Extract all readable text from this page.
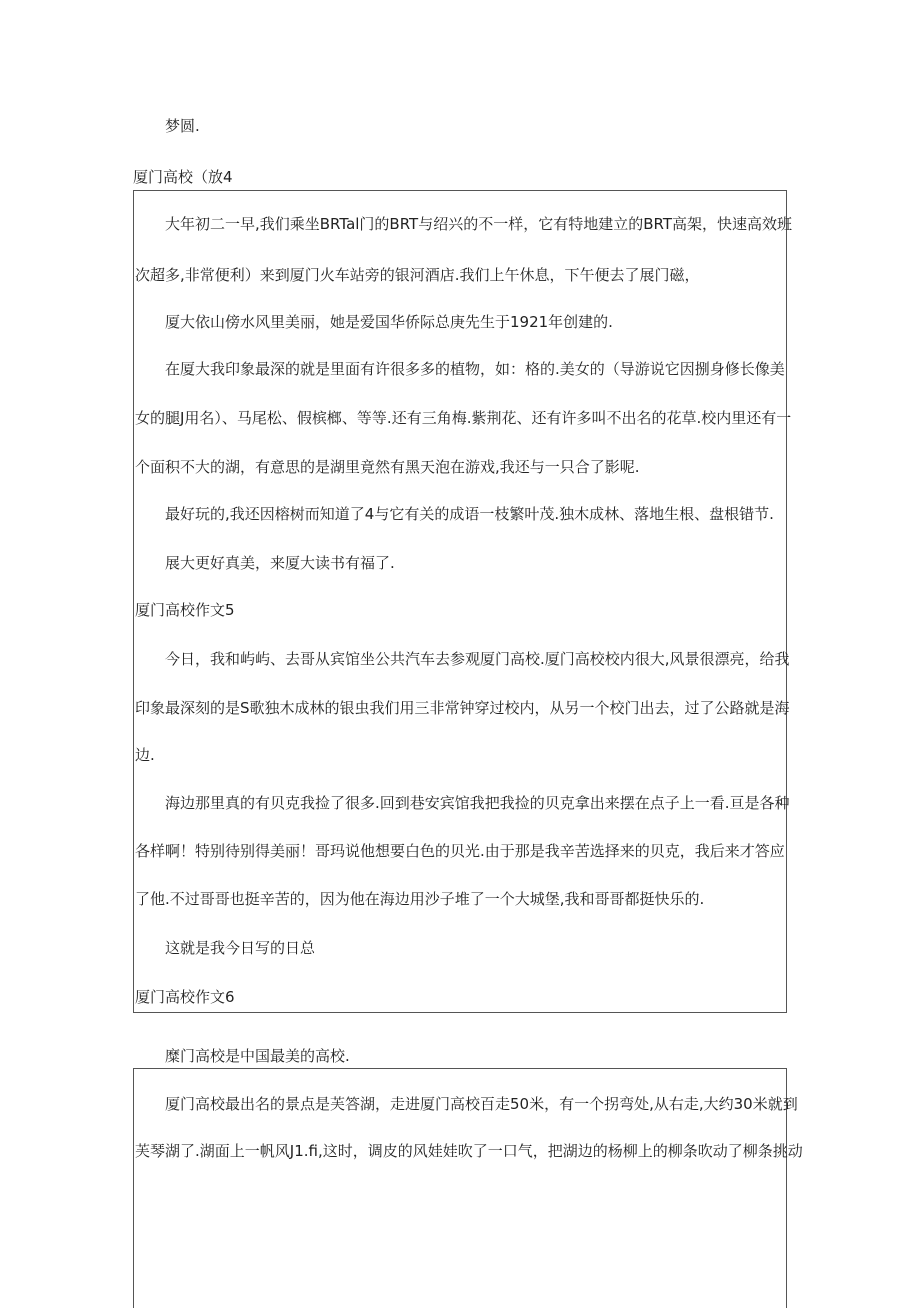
梦圆.
厦门高校（放4
大年初二一早,我们乘坐BRTal门的BRT与绍兴的不一样，它有特地建立的BRT高架，快速高效班
次超多,非常便利）来到厦门火车站旁的银河酒店.我们上午休息，下午便去了展门磁，
厦大依山傍水风里美丽，她是爱国华侨际总庚先生于1921年创建的.
在厦大我印象最深的就是里面有许很多多的植物，如：格的.美女的（导游说它因捌身修长像美
女的腿J用名）、马尾松、假槟榔、等等.还有三角梅.紫荆花、还有许多叫不出名的花草.校内里还有一
个面积不大的湖，有意思的是湖里竟然有黑天泡在游戏,我还与一只合了影呢.
最好玩的,我还因榕树而知道了4与它有关的成语一枝繁叶茂.独木成林、落地生根、盘根错节.
展大更好真美，来厦大读书有福了.
厦门高校作文5
今日，我和屿屿、去哥从宾馆坐公共汽车去参观厦门高校.厦门高校校内很大,风景很漂亮，给我
印象最深刻的是S歌独木成林的银虫我们用三非常钟穿过校内，从另一个校门出去，过了公路就是海
边.
海边那里真的有贝克我捡了很多.回到巷安宾馆我把我捡的贝克拿出来摆在点子上一看.亘是各种
各样啊！特别待别得美丽！哥玛说他想要白色的贝光.由于那是我辛苦选择来的贝克，我后来才答应
了他.不过哥哥也挺辛苦的，因为他在海边用沙子堆了一个大城堡,我和哥哥都挺快乐的.
这就是我今日写的日总
厦门高校作文6
糜门高校是中国最美的高校.
厦门高校最出名的景点是芙答湖，走进厦门高校百走50米，有一个拐弯处,从右走,大约30米就到
芙琴湖了.湖面上一帆风J1.fi,这时，调皮的风娃娃吹了一口气，把湖边的杨柳上的柳条吹动了柳条挑动
